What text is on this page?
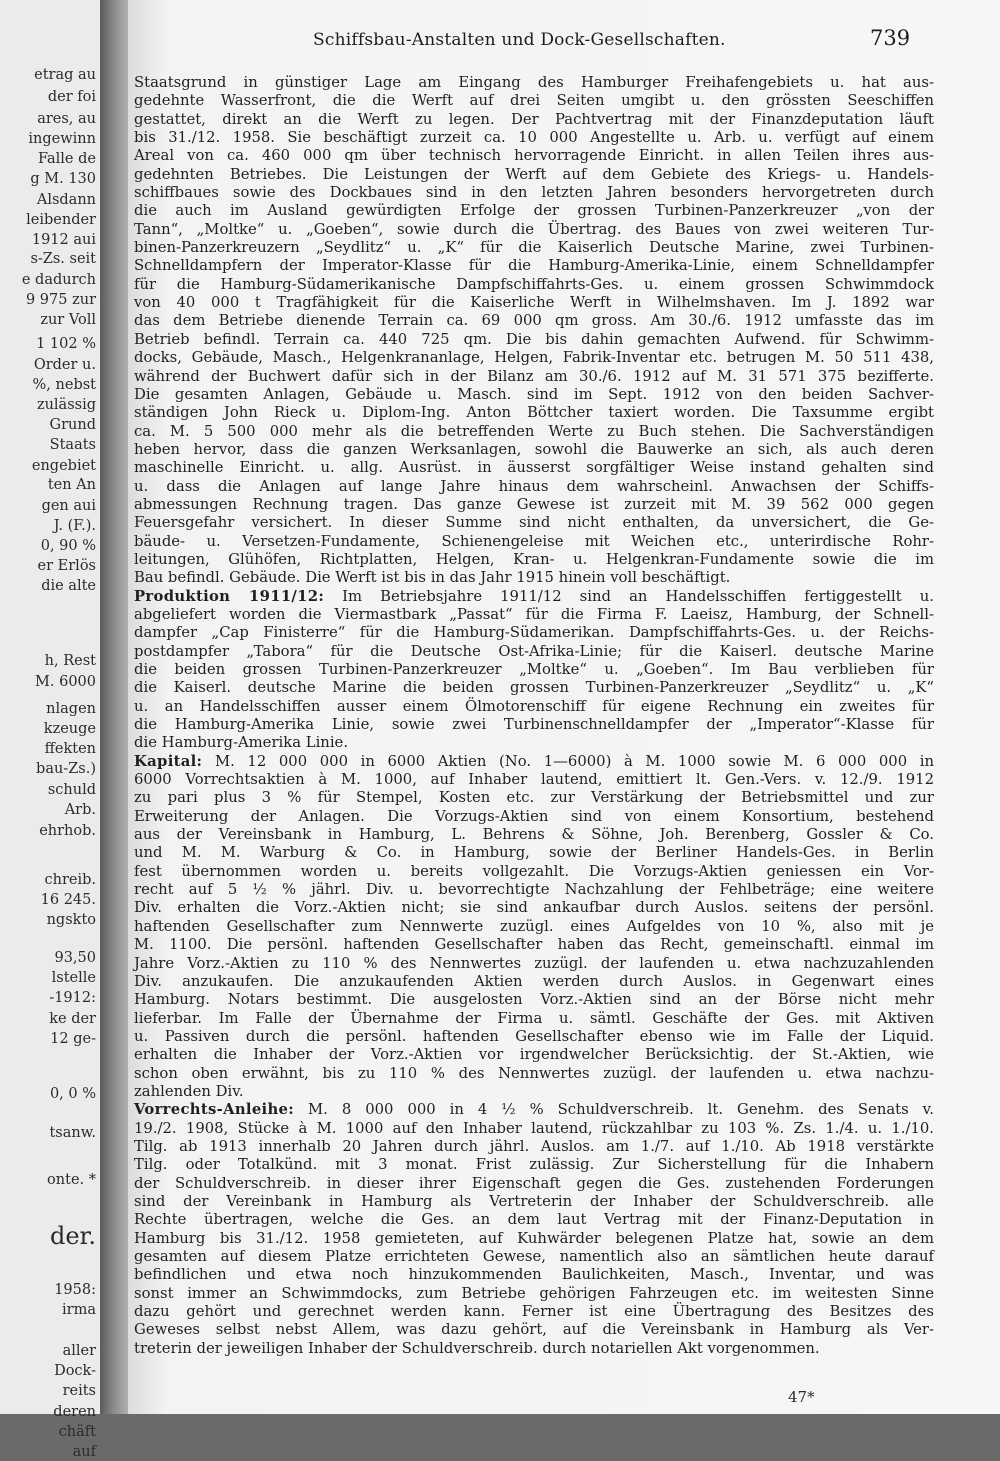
etrag au
der foi
ares, au
ingewinn
Falle de
g M. 130
Alsdann
leibender
1912 aui
s-Zs. seit
e dadurch
9 975 zur
zur Voll
1 102 %
Order u.
%, nebst
zulässig
Grund
Staats
engebiet
ten An
gen aui
J. (F.).
0, 90 %
er Erlös
die alte
h, Rest
M. 6000
nlagen
kzeuge
ffekten
bau-Zs.)
schuld
Arb.
ehrhob.
chreib.
16 245.
ngskto
93,50
lstelle
-1912:
ke der
12 ge-
0, 0 %
tsanw.
onte. *
der.
1958:
irma
aller
Dock-
reits
deren
chäft
auf
Schiffsbau-Anstalten und Dock-Gesellschaften.	739
Staatsgrund in günstiger Lage am Eingang des Hamburger Freihafengebiets u. hat aus-
gedehnte Wasserfront, die die Werft auf drei Seiten umgibt u. den grössten Seeschiffen
gestattet, direkt an die Werft zu legen. Der Pachtvertrag mit der Finanzdeputation läuft
bis 31./12. 1958. Sie beschäftigt zurzeit ca. 10 000 Angestellte u. Arb. u. verfügt auf einem
Areal von ca. 460 000 qm über technisch hervorragende Einricht. in allen Teilen ihres aus-
gedehnten Betriebes. Die Leistungen der Werft auf dem Gebiete des Kriegs- u. Handels-
schiffbaues sowie des Dockbaues sind in den letzten Jahren besonders hervorgetreten durch
die auch im Ausland gewürdigten Erfolge der grossen Turbinen-Panzerkreuzer „von der
Tann“, „Moltke“ u. „Goeben“, sowie durch die Übertrag. des Baues von zwei weiteren Tur-
binen-Panzerkreuzern „Seydlitz“ u. „K“ für die Kaiserlich Deutsche Marine, zwei Turbinen-
Schnelldampfern der Imperator-Klasse für die Hamburg-Amerika-Linie, einem Schnelldampfer
für die Hamburg-Südamerikanische Dampfschiffahrts-Ges. u. einem grossen Schwimmdock
von 40 000 t Tragfähigkeit für die Kaiserliche Werft in Wilhelmshaven. Im J. 1892 war
das dem Betriebe dienende Terrain ca. 69 000 qm gross. Am 30./6. 1912 umfasste das im
Betrieb befindl. Terrain ca. 440 725 qm. Die bis dahin gemachten Aufwend. für Schwimm-
docks, Gebäude, Masch., Helgenkrananlage, Helgen, Fabrik-Inventar etc. betrugen M. 50 511 438,
während der Buchwert dafür sich in der Bilanz am 30./6. 1912 auf M. 31 571 375 bezifferte.
Die gesamten Anlagen, Gebäude u. Masch. sind im Sept. 1912 von den beiden Sachver-
ständigen John Rieck u. Diplom-Ing. Anton Böttcher taxiert worden. Die Taxsumme ergibt
ca. M. 5 500 000 mehr als die betreffenden Werte zu Buch stehen. Die Sachverständigen
heben hervor, dass die ganzen Werksanlagen, sowohl die Bauwerke an sich, als auch deren
maschinelle Einricht. u. allg. Ausrüst. in äusserst sorgfältiger Weise instand gehalten sind
u. dass die Anlagen auf lange Jahre hinaus dem wahrscheinl. Anwachsen der Schiffs-
abmessungen Rechnung tragen. Das ganze Gewese ist zurzeit mit M. 39 562 000 gegen
Feuersgefahr versichert. In dieser Summe sind nicht enthalten, da unversichert, die Ge-
bäude- u. Versetzen-Fundamente, Schienengeleise mit Weichen etc., unterirdische Rohr-
leitungen, Glühöfen, Richtplatten, Helgen, Kran- u. Helgenkran-Fundamente sowie die im
Bau befindl. Gebäude. Die Werft ist bis in das Jahr 1915 hinein voll beschäftigt.
Produktion 1911/12: Im Betriebsjahre 1911/12 sind an Handelsschiffen fertiggestellt u.
abgeliefert worden die Viermastbark „Passat“ für die Firma F. Laeisz, Hamburg, der Schnell-
dampfer „Cap Finisterre“ für die Hamburg-Südamerikan. Dampfschiffahrts-Ges. u. der Reichs-
postdampfer „Tabora“ für die Deutsche Ost-Afrika-Linie; für die Kaiserl. deutsche Marine
die beiden grossen Turbinen-Panzerkreuzer „Moltke“ u. „Goeben“. Im Bau verblieben für
die Kaiserl. deutsche Marine die beiden grossen Turbinen-Panzerkreuzer „Seydlitz“ u. „K“
u. an Handelsschiffen ausser einem Ölmotorenschiff für eigene Rechnung ein zweites für
die Hamburg-Amerika Linie, sowie zwei Turbinenschnelldampfer der „Imperator“-Klasse für
die Hamburg-Amerika Linie.
Kapital: M. 12 000 000 in 6000 Aktien (No. 1—6000) à M. 1000 sowie M. 6 000 000 in
6000 Vorrechtsaktien à M. 1000, auf Inhaber lautend, emittiert lt. Gen.-Vers. v. 12./9. 1912
zu pari plus 3 % für Stempel, Kosten etc. zur Verstärkung der Betriebsmittel und zur
Erweiterung der Anlagen. Die Vorzugs-Aktien sind von einem Konsortium, bestehend
aus der Vereinsbank in Hamburg, L. Behrens & Söhne, Joh. Berenberg, Gossler & Co.
und M. M. Warburg & Co. in Hamburg, sowie der Berliner Handels-Ges. in Berlin
fest übernommen worden u. bereits vollgezahlt. Die Vorzugs-Aktien geniessen ein Vor-
recht auf 5 ½ % jährl. Div. u. bevorrechtigte Nachzahlung der Fehlbeträge; eine weitere
Div. erhalten die Vorz.-Aktien nicht; sie sind ankaufbar durch Auslos. seitens der persönl.
haftenden Gesellschafter zum Nennwerte zuzügl. eines Aufgeldes von 10 %, also mit je
M. 1100. Die persönl. haftenden Gesellschafter haben das Recht, gemeinschaftl. einmal im
Jahre Vorz.-Aktien zu 110 % des Nennwertes zuzügl. der laufenden u. etwa nachzuzahlenden
Div. anzukaufen. Die anzukaufenden Aktien werden durch Auslos. in Gegenwart eines
Hamburg. Notars bestimmt. Die ausgelosten Vorz.-Aktien sind an der Börse nicht mehr
lieferbar. Im Falle der Übernahme der Firma u. sämtl. Geschäfte der Ges. mit Aktiven
u. Passiven durch die persönl. haftenden Gesellschafter ebenso wie im Falle der Liquid.
erhalten die Inhaber der Vorz.-Aktien vor irgendwelcher Berücksichtig. der St.-Aktien, wie
schon oben erwähnt, bis zu 110 % des Nennwertes zuzügl. der laufenden u. etwa nachzu-
zahlenden Div.
Vorrechts-Anleihe: M. 8 000 000 in 4 ½ % Schuldverschreib. lt. Genehm. des Senats v.
19./2. 1908, Stücke à M. 1000 auf den Inhaber lautend, rückzahlbar zu 103 %. Zs. 1./4. u. 1./10.
Tilg. ab 1913 innerhalb 20 Jahren durch jährl. Auslos. am 1./7. auf 1./10. Ab 1918 verstärkte
Tilg. oder Totalkünd. mit 3 monat. Frist zulässig. Zur Sicherstellung für die Inhabern
der Schuldverschreib. in dieser ihrer Eigenschaft gegen die Ges. zustehenden Forderungen
sind der Vereinbank in Hamburg als Vertreterin der Inhaber der Schuldverschreib. alle
Rechte übertragen, welche die Ges. an dem laut Vertrag mit der Finanz-Deputation in
Hamburg bis 31./12. 1958 gemieteten, auf Kuhwärder belegenen Platze hat, sowie an dem
gesamten auf diesem Platze errichteten Gewese, namentlich also an sämtlichen heute darauf
befindlichen und etwa noch hinzukommenden Baulichkeiten, Masch., Inventar, und was
sonst immer an Schwimmdocks, zum Betriebe gehörigen Fahrzeugen etc. im weitesten Sinne
dazu gehört und gerechnet werden kann. Ferner ist eine Übertragung des Besitzes des
Geweses selbst nebst Allem, was dazu gehört, auf die Vereinsbank in Hamburg als Ver-
treterin der jeweiligen Inhaber der Schuldverschreib. durch notariellen Akt vorgenommen.
47*
